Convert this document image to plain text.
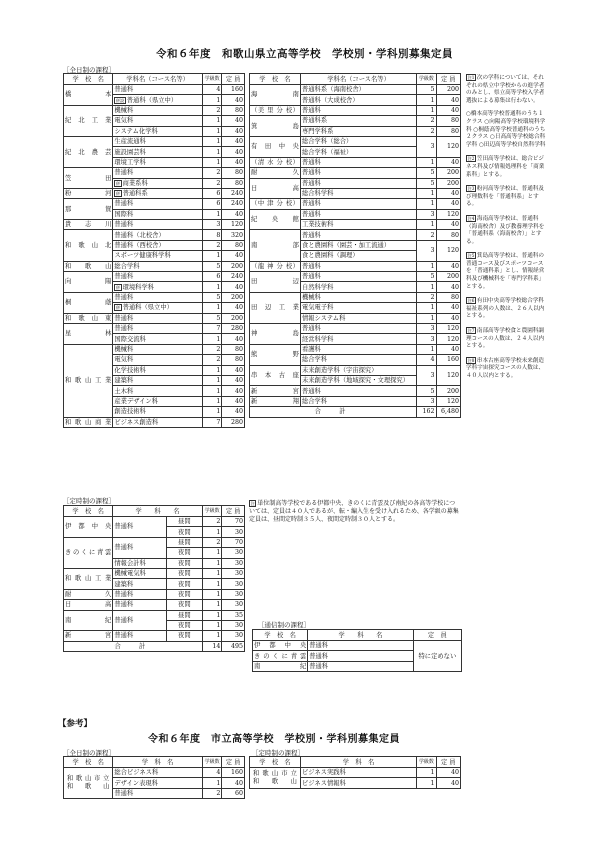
令和６年度　和歌山県立高等学校　学校別・学科別募集定員
［全日制の課程］
学　校　名	学科名（コース名等）	学級数	定 員
橋　　本	普通科	4	160
	併設 普通科（県立中）	1	40
紀 北 工 業	機械科	2	80
	電気科	1	40
	システム化学科	1	40
紀 北 農 芸	生産流通科	1	40
	施設園芸科	1	40
	環境工学科	1	40
笠　　田	普通科	2	80
	併 商業系科	2	80
粉　　河	併 普通科系	6	240
那　　賀	普通科	6	240
	国際科	1	40
貴　志　川	普通科	3	120
和 歌 山 北	普通科（北校舎）	8	320
	普通科（西校舎）	2	80
	スポーツ健康科学科	1	40
和　歌　山	総合学科	5	200
向　　陽	普通科	6	240
	併 環境科学科	1	40
桐　　蔭	普通科	5	200
	併 普通科（県立中）	1	40
和 歌 山 東	普通科	5	200
星　　林	普通科	7	280
	国際交流科	1	40
和 歌 山 工 業	機械科	2	80
	電気科	2	80
	化学技術科	1	40
	建築科	1	40
	土木科	1	40
	産業デザイン科	1	40
	創造技術科	1	40
和 歌 山 商 業	ビジネス創造科	7	280
学　校　名	学科名（コース名等）	学級数	定 員
海　　南	普通科系（海南校舎）	5	200
	普通科（大成校舎）	1	40
（美 里 分 校）	普通科	1	40
箕　　島	普通科系	2	80
	専門学科系	2	80
有 田 中 央	総合学科（総合）	3	120
	総合学科（福祉）		
（清 水 分 校）	普通科	1	40
耐　　久	普通科	5	200
日　　高	普通科	5	200
	総合科学科	1	40
（中 津 分 校）	普通科	1	40
紀　央　館	普通科	3	120
	工業技術科	1	40
南　　部	普通科	2	80
	食と農園科（園芸・加工流通）	3	120
	食と農園科（調理）		
（龍 神 分 校）	普通科	1	40
田　　辺	普通科	5	200
	自然科学科	1	40
田 辺 工 業	機械科	2	80
	電気電子科	1	40
	情報システム科	1	40
神　　島	普通科	3	120
	経営科学科	3	120
熊　　野	看護科	1	40
	総合学科	4	160
串 本 古 座	未来創造学科（宇宙探究）	3	120
	未来創造学科（地域探究・文理探究）		
新　　宮	普通科	5	200
新　　翔	総合学科	3	120
合　計		162	6,480
注1 次の学科については、それぞれの県立中学校からの進学者のみとし、県立高等学校入学者選抜による募集は行わない。
○橋本高等学校普通科のうち１クラス ○向陽高等学校環境科学科 ○桐蔭高等学校普通科のうち２クラス ○日高高等学校総合科学科 ○田辺高等学校自然科学科
注2 笠田高等学校は、総合ビジネス科及び情報処理科を「商業系科」とする。
注3 粉河高等学校は、普通科及び理数科を「普通科系」とする。
注4 海南高等学校は、普通科（海南校舎）及び教養理学科を「普通科系（海南校舎）」とする。
注5 箕島高等学校は、普通科の普通コース及びスポーツコースを「普通科系」とし、情報経営科及び機械科を「専門学科系」とする。
注6 有田中央高等学校総合学科福祉系列の人数は、２６人以内とする。
注7 南部高等学校食と農園科調理コースの人数は、２４人以内とする。
注8 串本古座高等学校未来創造学科宇宙探究コースの人数は、４０人以内とする。
［定時制の課程］
学　校　名	学　　科　　名		学級数	定 員
伊　都　中　央	普通科	昼間	2	70
		夜間	1	30
きのくに青雲	普通科	昼間	2	70
		夜間	1	30
	情報会計科	夜間	1	30
和 歌 山 工 業	機械電気科	夜間	1	30
	建築科	夜間	1	30
耐　　久	普通科	夜間	1	30
日　　高	普通科	夜間	1	30
南　　紀	普通科	昼間	1	35
		夜間	1	30
新　　宮	普通科	夜間	1	30
合　計			14	495
注 単位制高等学校である伊都中央、きのくに青雲及び南紀の各高等学校については、定員は４０人であるが、転・編入生を受け入れるため、各学級の募集定員は、昼間定時制３５人、夜間定時制３０人とする。
［通信制の課程］
学　校　名	学　　科　　名	定　員
伊　都　中　央	普通科	特に定めない
きのくに青雲	普通科	
南　　紀	普通科	
【参考】
令和６年度　市立高等学校　学校別・学科別募集定員
［全日制の課程］
学　校　名	学　科　名	学級数	定 員
和 歌 山 市 立 和　歌　山	総合ビジネス科	4	160
	デザイン表現科	1	40
	普通科	2	60
［定時制の課程］
学　校　名	学　科　名	学級数	定 員
和 歌 山 市 立 和　歌　山	ビジネス実践科	1	40
	ビジネス情報科	1	40
